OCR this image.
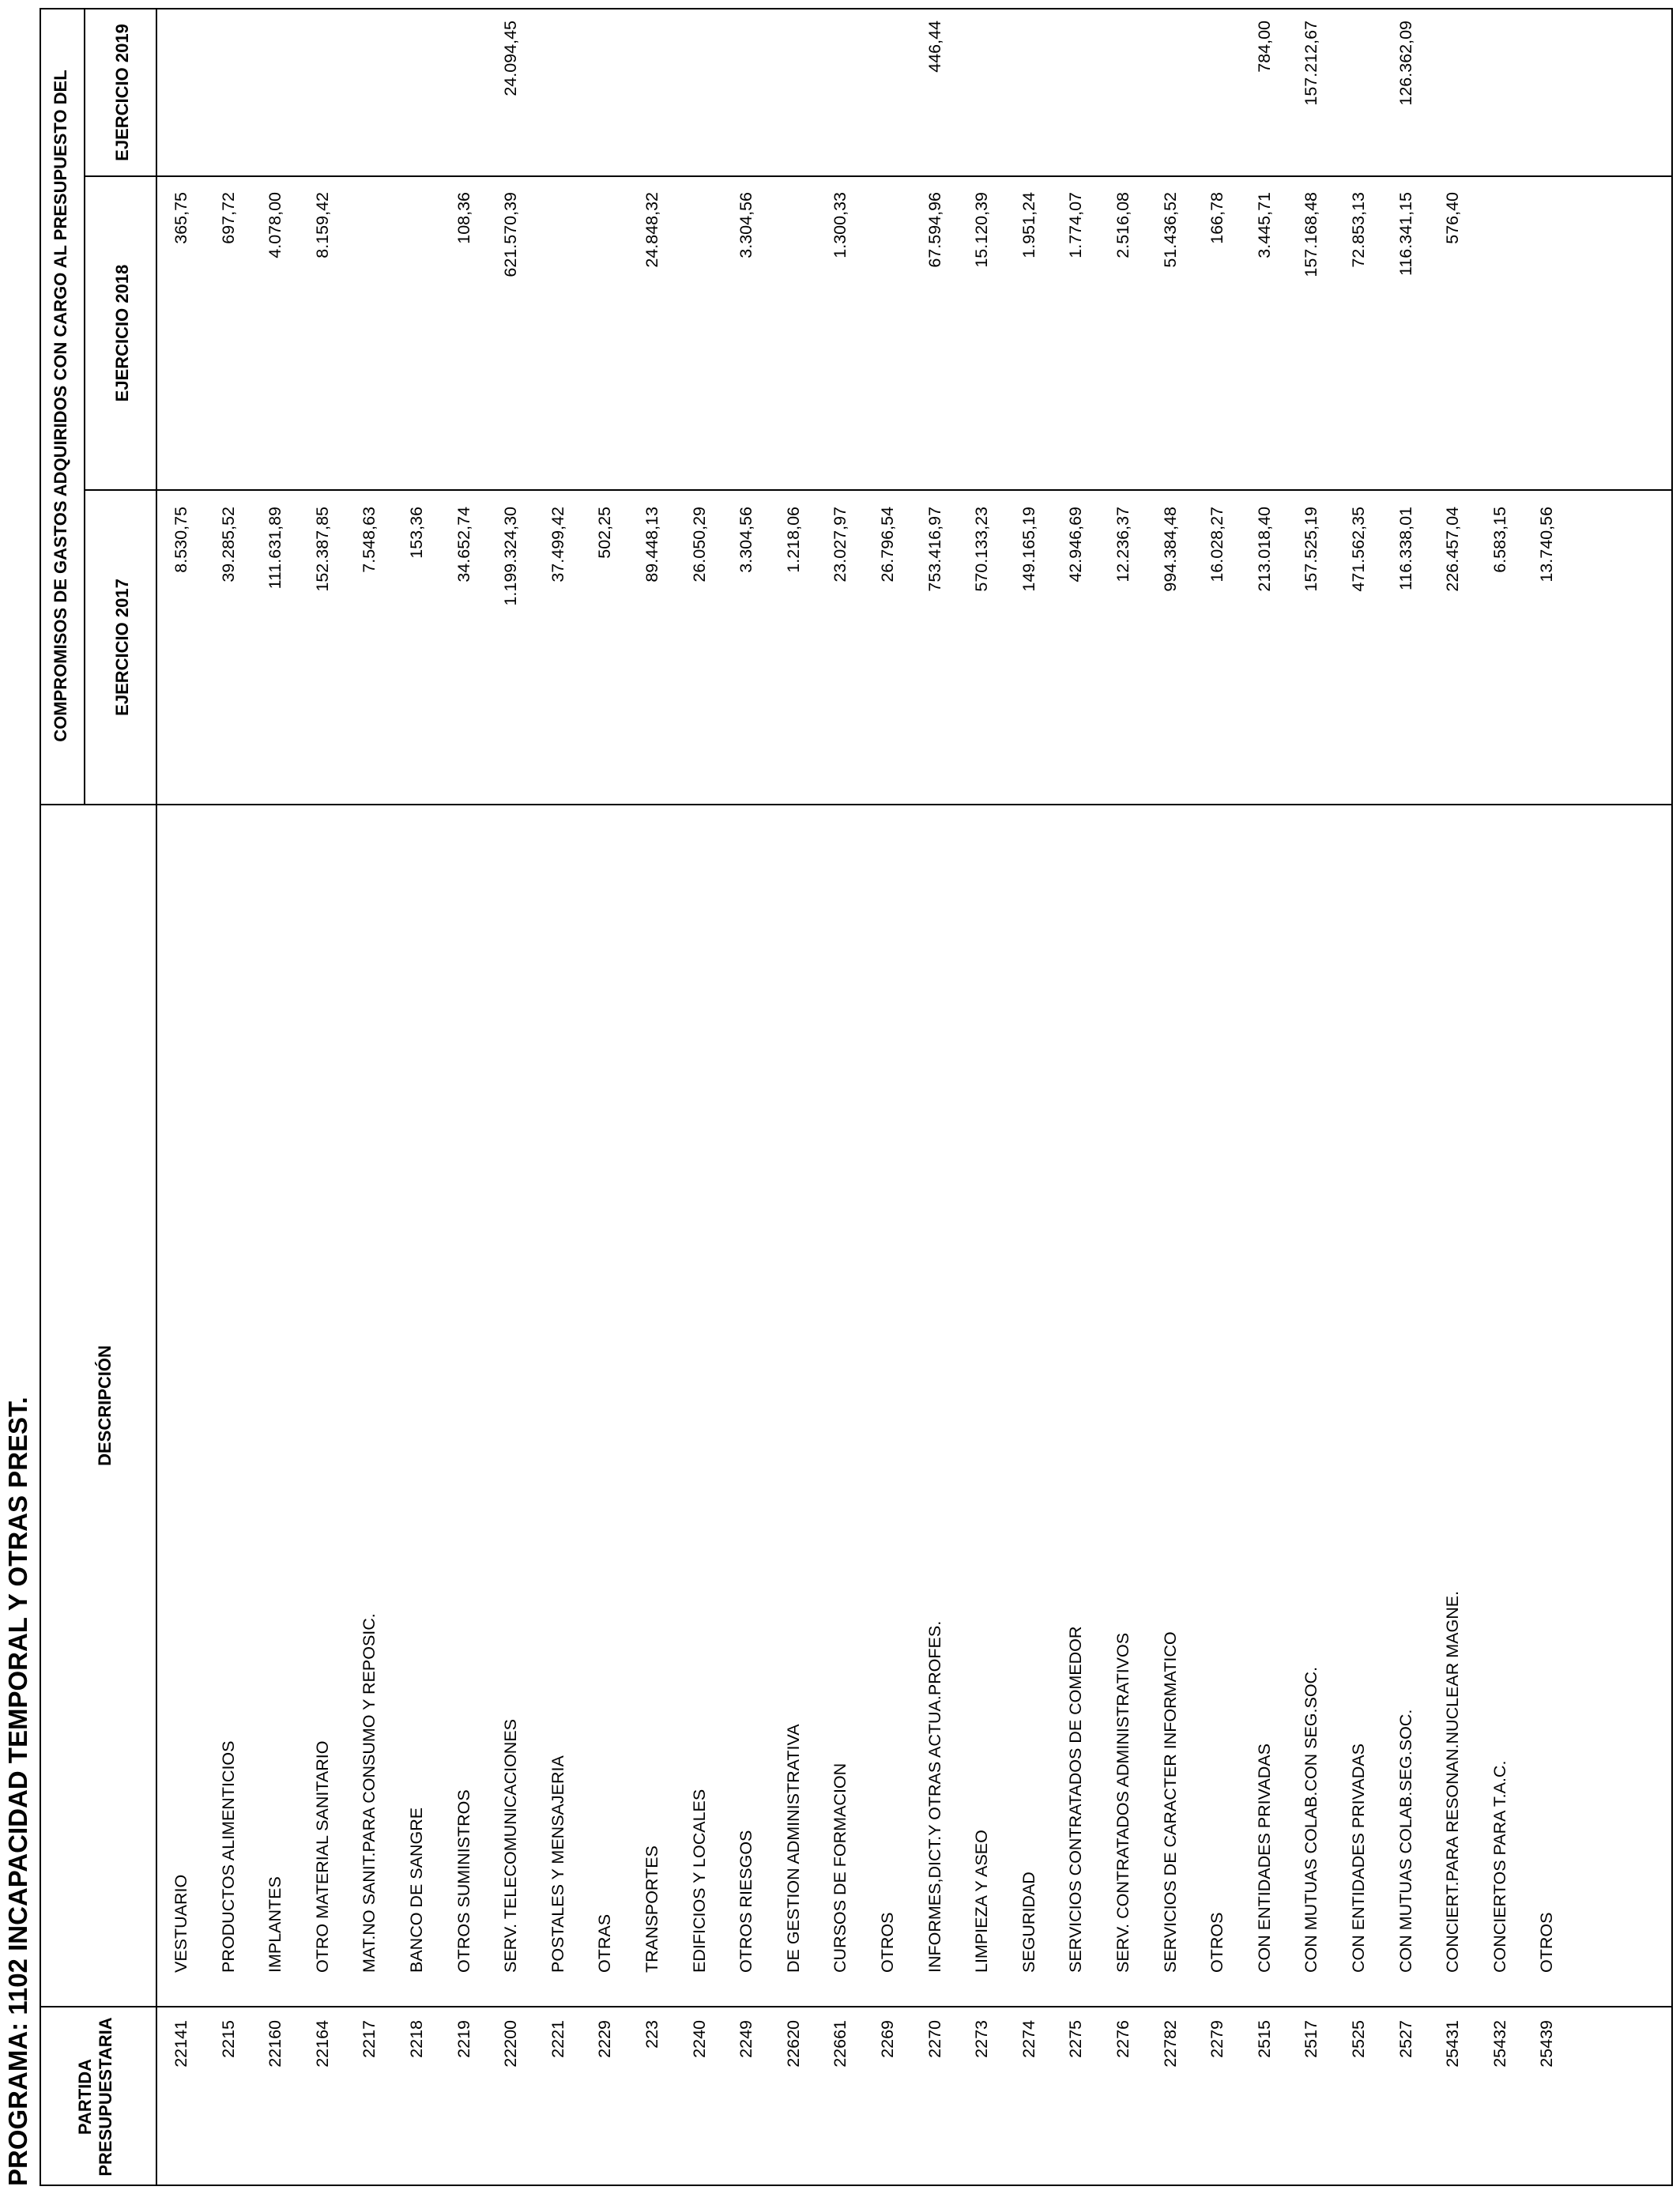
PROGRAMA: 1102 INCAPACIDAD TEMPORAL Y OTRAS PREST. PARTIDA
PRESUPUESTARIA
DESCRIPCIÓN
COMPROMISOS DE GASTOS ADQUIRIDOS CON CARGO AL PRESUPUESTO DEL EJERCICIO 2017
EJERCICIO 2018
EJERCICIO 2019
22141
VESTUARIO
8.530,75
365,75
2215
PRODUCTOS ALIMENTICIOS
39.285,52
697,72
22160
IMPLANTES
111.631,89
4.078,00
22164
OTRO MATERIAL SANITARIO
152.387,85
8.159,42
2217
MAT.NO SANIT.PARA CONSUMO Y REPOSIC.
7.548,63
2218
BANCO DE SANGRE
153,36
2219
OTROS SUMINISTROS
34.652,74
108,36
22200
SERV. TELECOMUNICACIONES
1.199.324,30
621.570,39
24.094,45
2221
POSTALES Y MENSAJERIA
37.499,42
2229
OTRAS
502,25
223
TRANSPORTES
89.448,13
24.848,32
2240
EDIFICIOS Y LOCALES
26.050,29
2249
OTROS RIESGOS
3.304,56
3.304,56
22620
DE GESTION ADMINISTRATIVA
1.218,06
22661
CURSOS DE FORMACION
23.027,97
1.300,33
2269
OTROS
26.796,54
2270
INFORMES,DICT.Y OTRAS ACTUA.PROFES.
753.416,97
67.594,96
446,44
2273
LIMPIEZA Y ASEO
570.133,23
15.120,39
2274
SEGURIDAD
149.165,19
1.951,24
2275
SERVICIOS CONTRATADOS DE COMEDOR
42.946,69
1.774,07
2276
SERV. CONTRATADOS ADMINISTRATIVOS
12.236,37
2.516,08
22782
SERVICIOS DE CARACTER INFORMATICO
994.384,48
51.436,52
2279
OTROS
16.028,27
166,78
2515
CON ENTIDADES PRIVADAS
213.018,40
3.445,71
784,00
2517
CON MUTUAS COLAB.CON SEG.SOC.
157.525,19
157.168,48
157.212,67
2525
CON ENTIDADES PRIVADAS
471.562,35
72.853,13
2527
CON MUTUAS COLAB.SEG.SOC.
116.338,01
116.341,15
126.362,09
25431
CONCIERT.PARA RESONAN.NUCLEAR MAGNE.
226.457,04
576,40
25432
CONCIERTOS PARA T.A.C.
6.583,15
25439
OTROS
13.740,56
